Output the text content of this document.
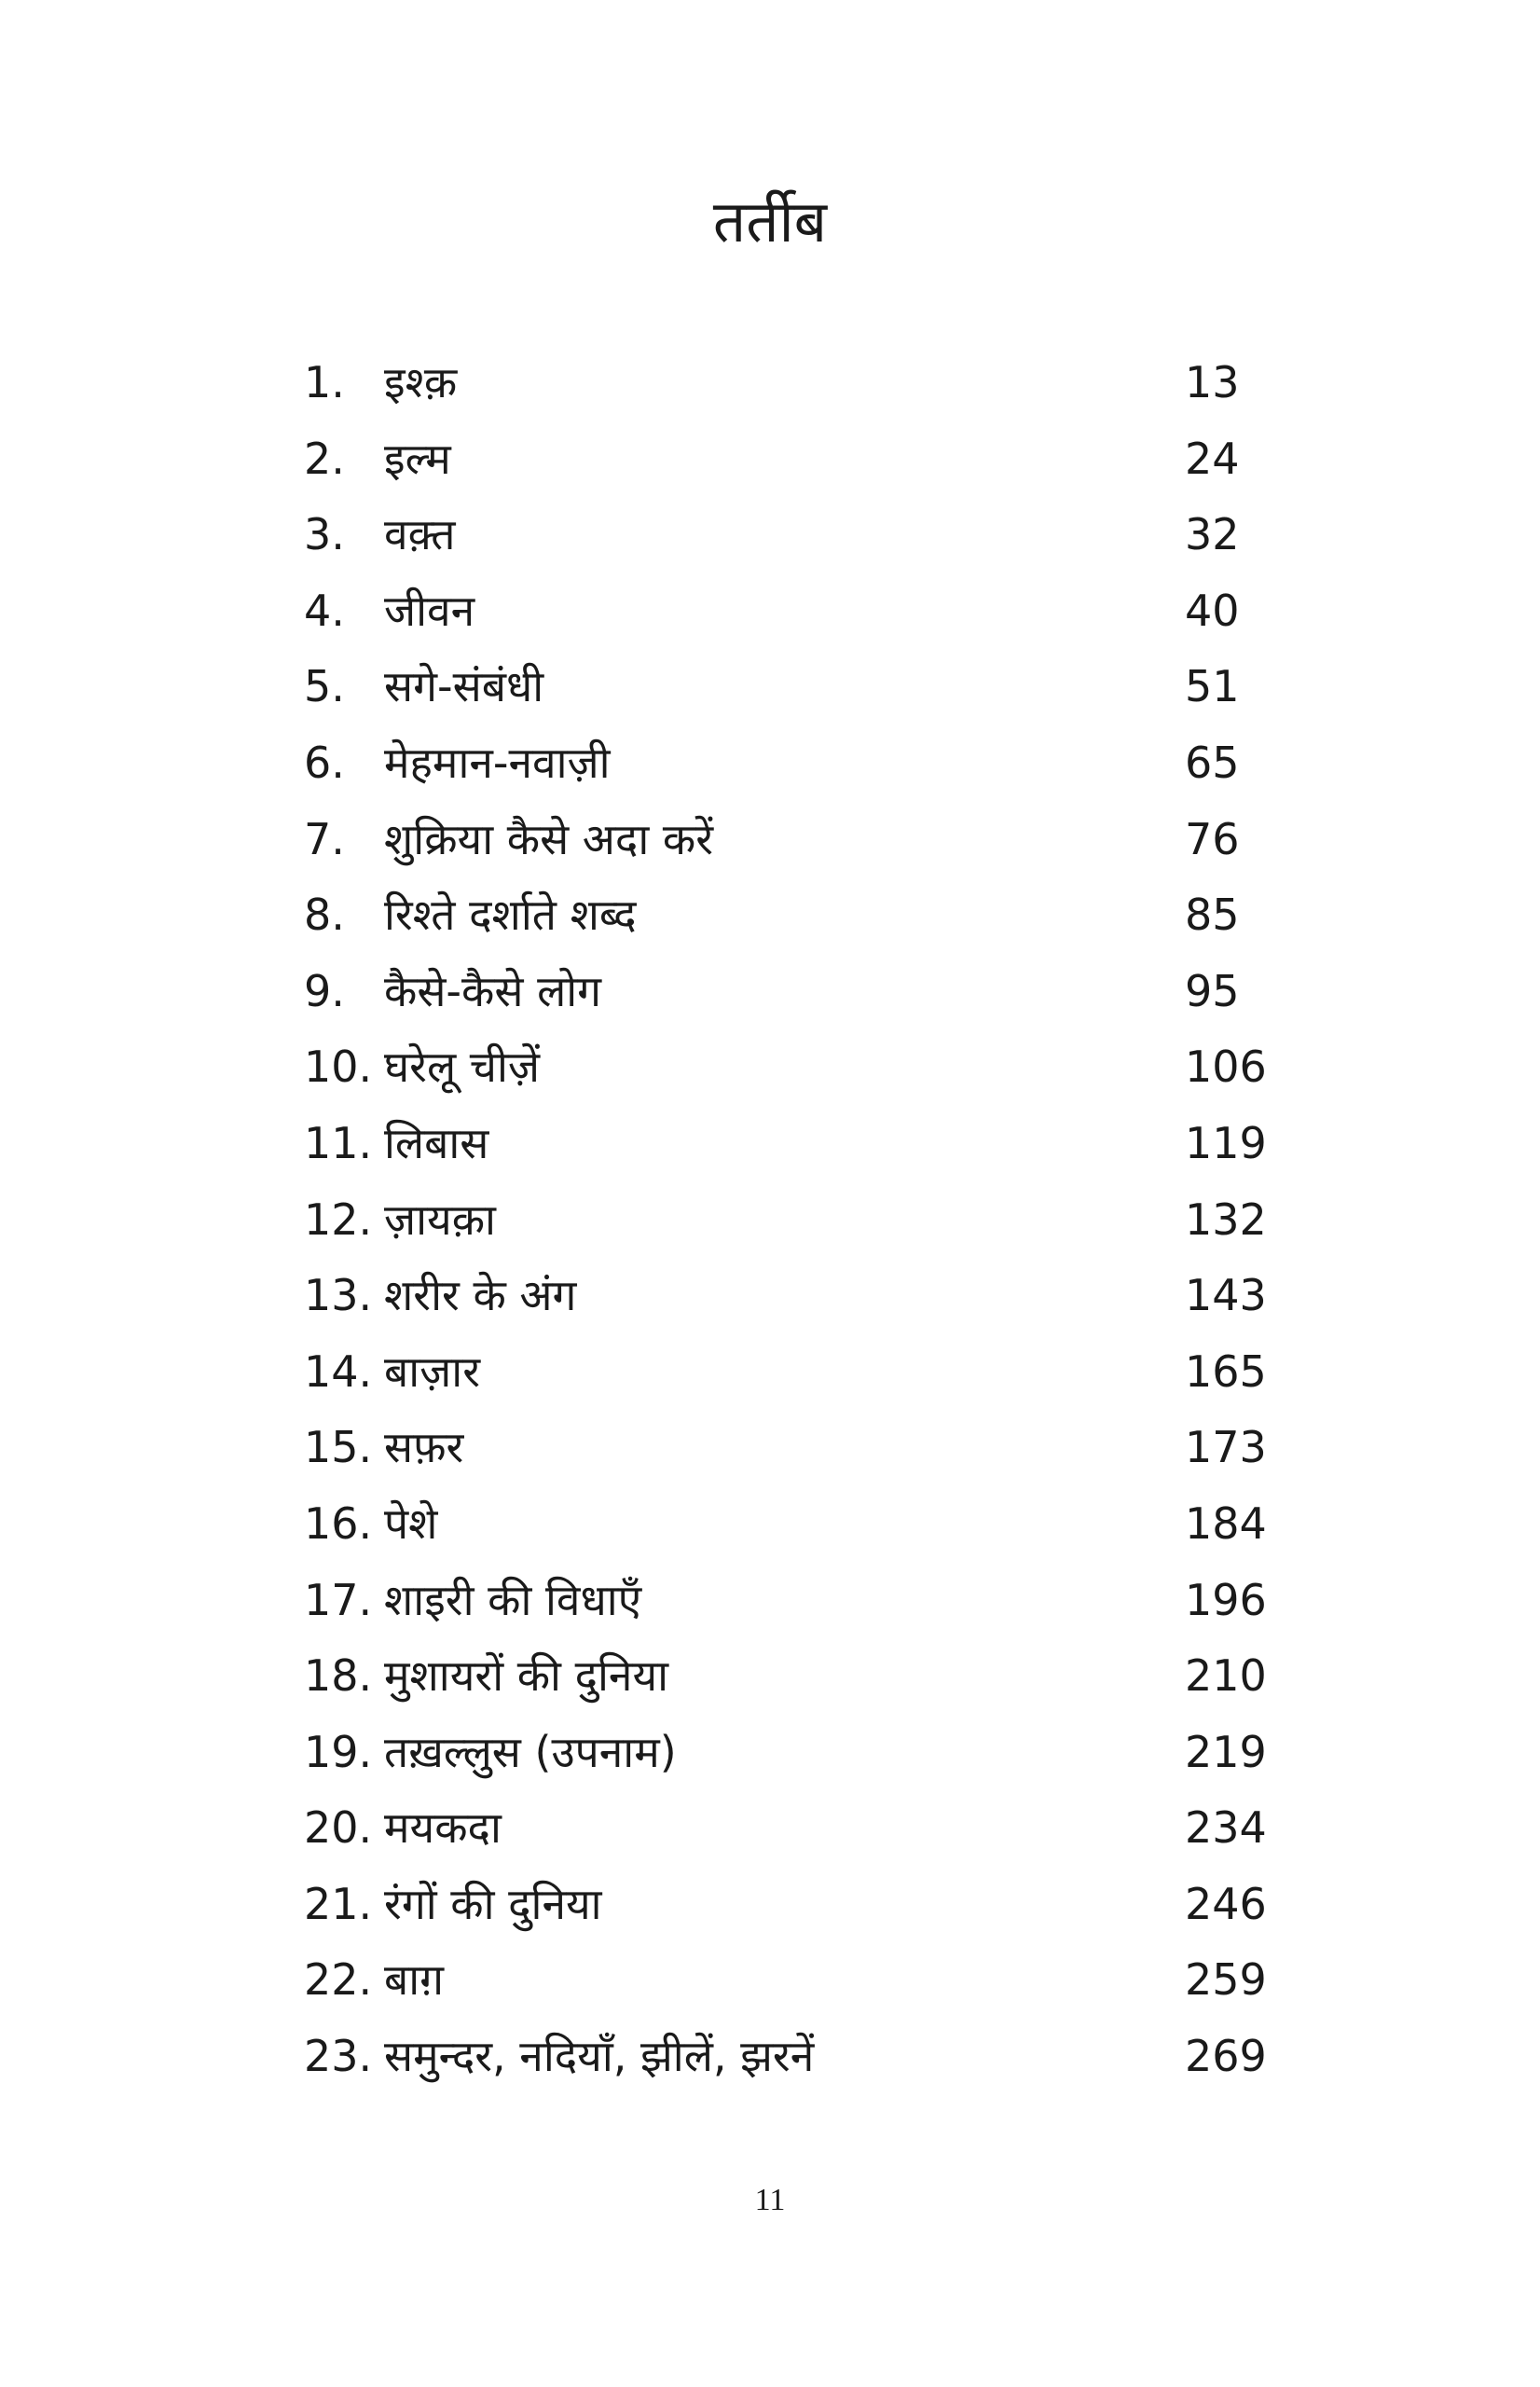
तर्तीब
1. इश्क़	13
2. इल्म	24
3. वक़्त	32
4. जीवन	40
5. सगे-संबंधी	51
6. मेहमान-नवाज़ी	65
7. शुक्रिया कैसे अदा करें	76
8. रिश्ते दर्शाते शब्द	85
9. कैसे-कैसे लोग	95
10. घरेलू चीज़ें	106
11. लिबास	119
12. ज़ायक़ा	132
13. शरीर के अंग	143
14. बाज़ार	165
15. सफ़र	173
16. पेशे	184
17. शाइरी की विधाएँ	196
18. मुशायरों की दुनिया	210
19. तख़ल्लुस (उपनाम)	219
20. मयकदा	234
21. रंगों की दुनिया	246
22. बाग़	259
23. समुन्दर, नदियाँ, झीलें, झरनें	269
11
